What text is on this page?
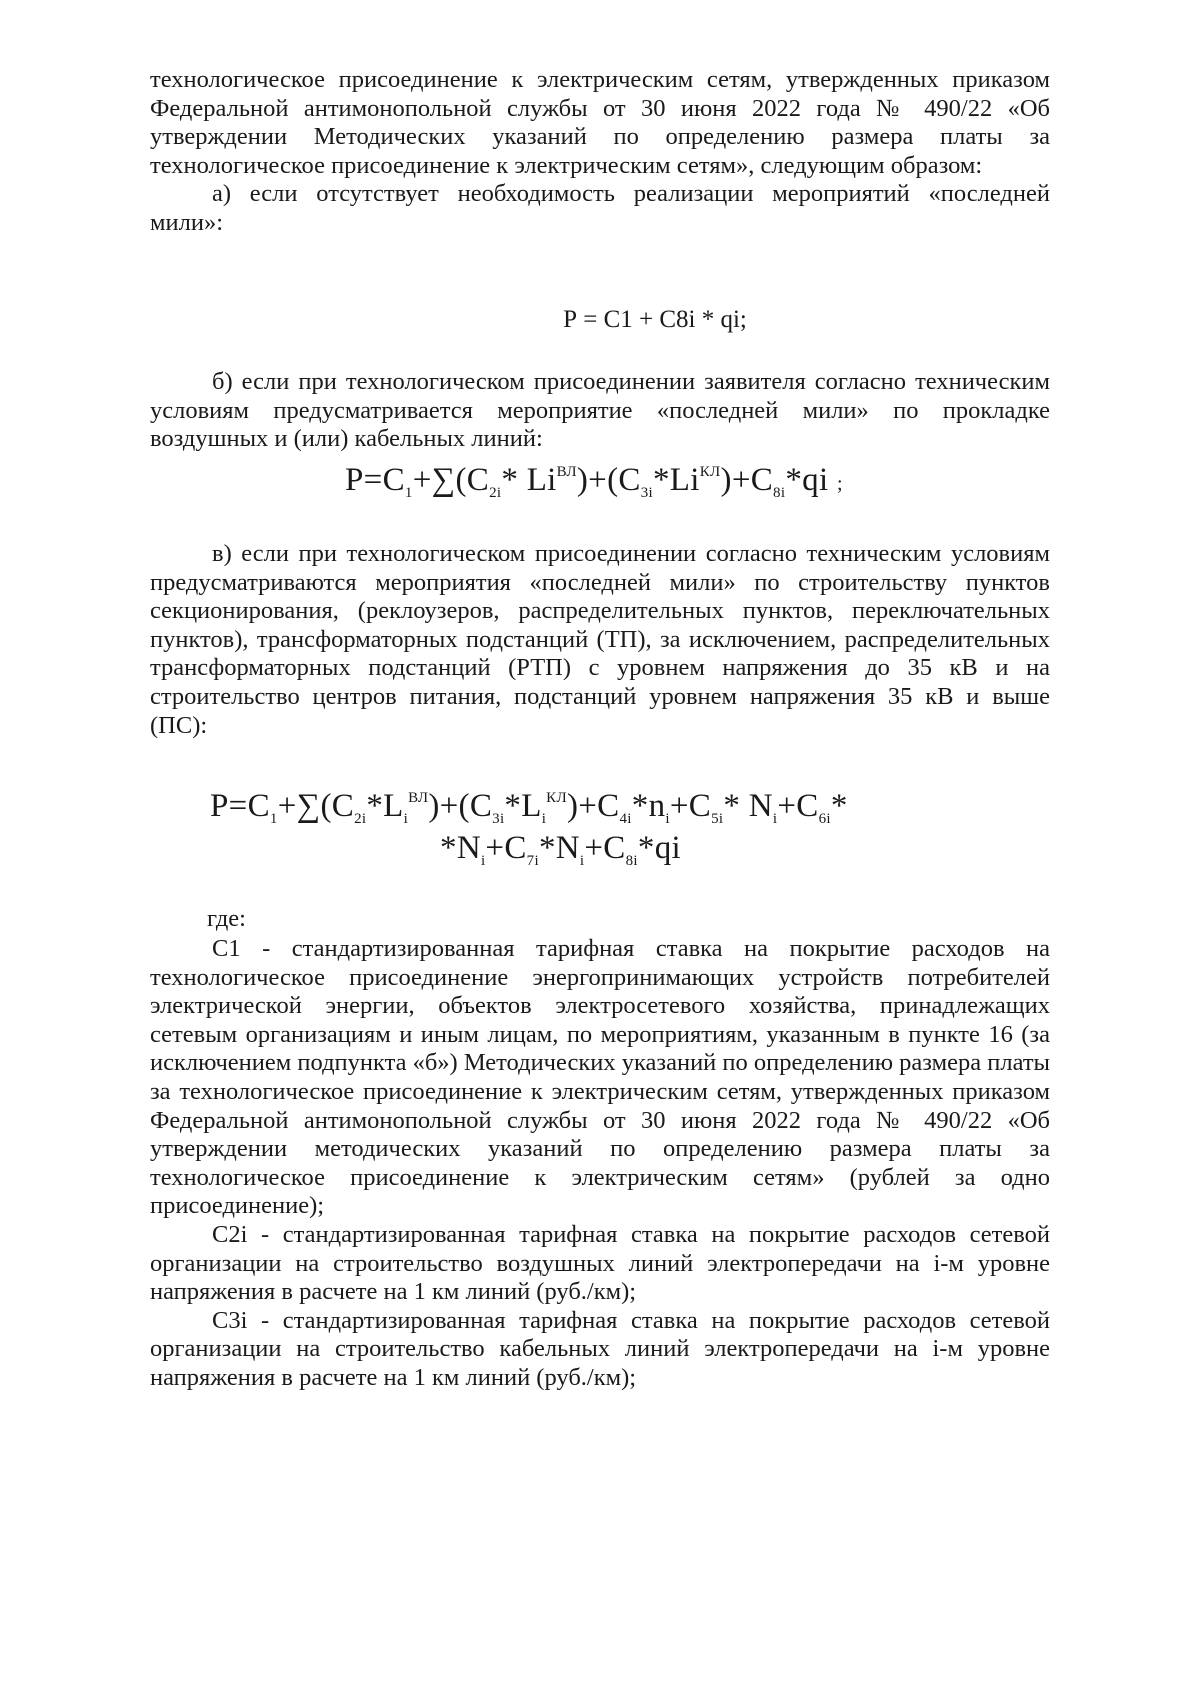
технологическое присоединение к электрическим сетям, утвержденных приказом Федеральной антимонопольной службы от 30 июня 2022 года № 490/22 «Об утверждении Методических указаний по определению размера платы за технологическое присоединение к электрическим сетям», следующим образом:

а) если отсутствует необходимость реализации мероприятий «последней мили»:

Р = С1 + С8i * qi;

б) если при технологическом присоединении заявителя согласно техническим условиям предусматривается мероприятие «последней мили» по прокладке воздушных и (или) кабельных линий:

$P=C_1+\sum(C_{2i}*$ $Li^{ВЛ})+(C_{3i}*Li^{КЛ})+C_{8i}*qi$ ;

в) если при технологическом присоединении согласно техническим условиям предусматриваются мероприятия «последней мили» по строительству пунктов секционирования, (реклоузеров, распределительных пунктов, переключательных пунктов), трансформаторных подстанций (ТП), за исключением, распределительных трансформаторных подстанций (РТП) с уровнем напряжения до 35 кВ и на строительство центров питания, подстанций уровнем напряжения 35 кВ и выше (ПС):

$P=C_1+\sum(C_{2i}*L_i^{ВЛ})+(C_{3i}*L_i^{КЛ})+C_{4i}*n_i+C_{5i}*$ $N_i+C_{6i}*$
$*N_i+C_{7i}*N_i+C_{8i}*qi$
где:

С1 - стандартизированная тарифная ставка на покрытие расходов на технологическое присоединение энергопринимающих устройств потребителей электрической энергии, объектов электросетевого хозяйства, принадлежащих сетевым организациям и иным лицам, по мероприятиям, указанным в пункте 16 (за исключением подпункта «б») Методических указаний по определению размера платы за технологическое присоединение к электрическим сетям, утвержденных приказом Федеральной антимонопольной службы от 30 июня 2022 года № 490/22 «Об утверждении методических указаний по определению размера платы за технологическое присоединение к электрическим сетям» (рублей за одно присоединение);

С2i - стандартизированная тарифная ставка на покрытие расходов сетевой организации на строительство воздушных линий электропередачи на i-м уровне напряжения в расчете на 1 км линий (руб./км);

С3i - стандартизированная тарифная ставка на покрытие расходов сетевой организации на строительство кабельных линий электропередачи на i-м уровне напряжения в расчете на 1 км линий (руб./км);
